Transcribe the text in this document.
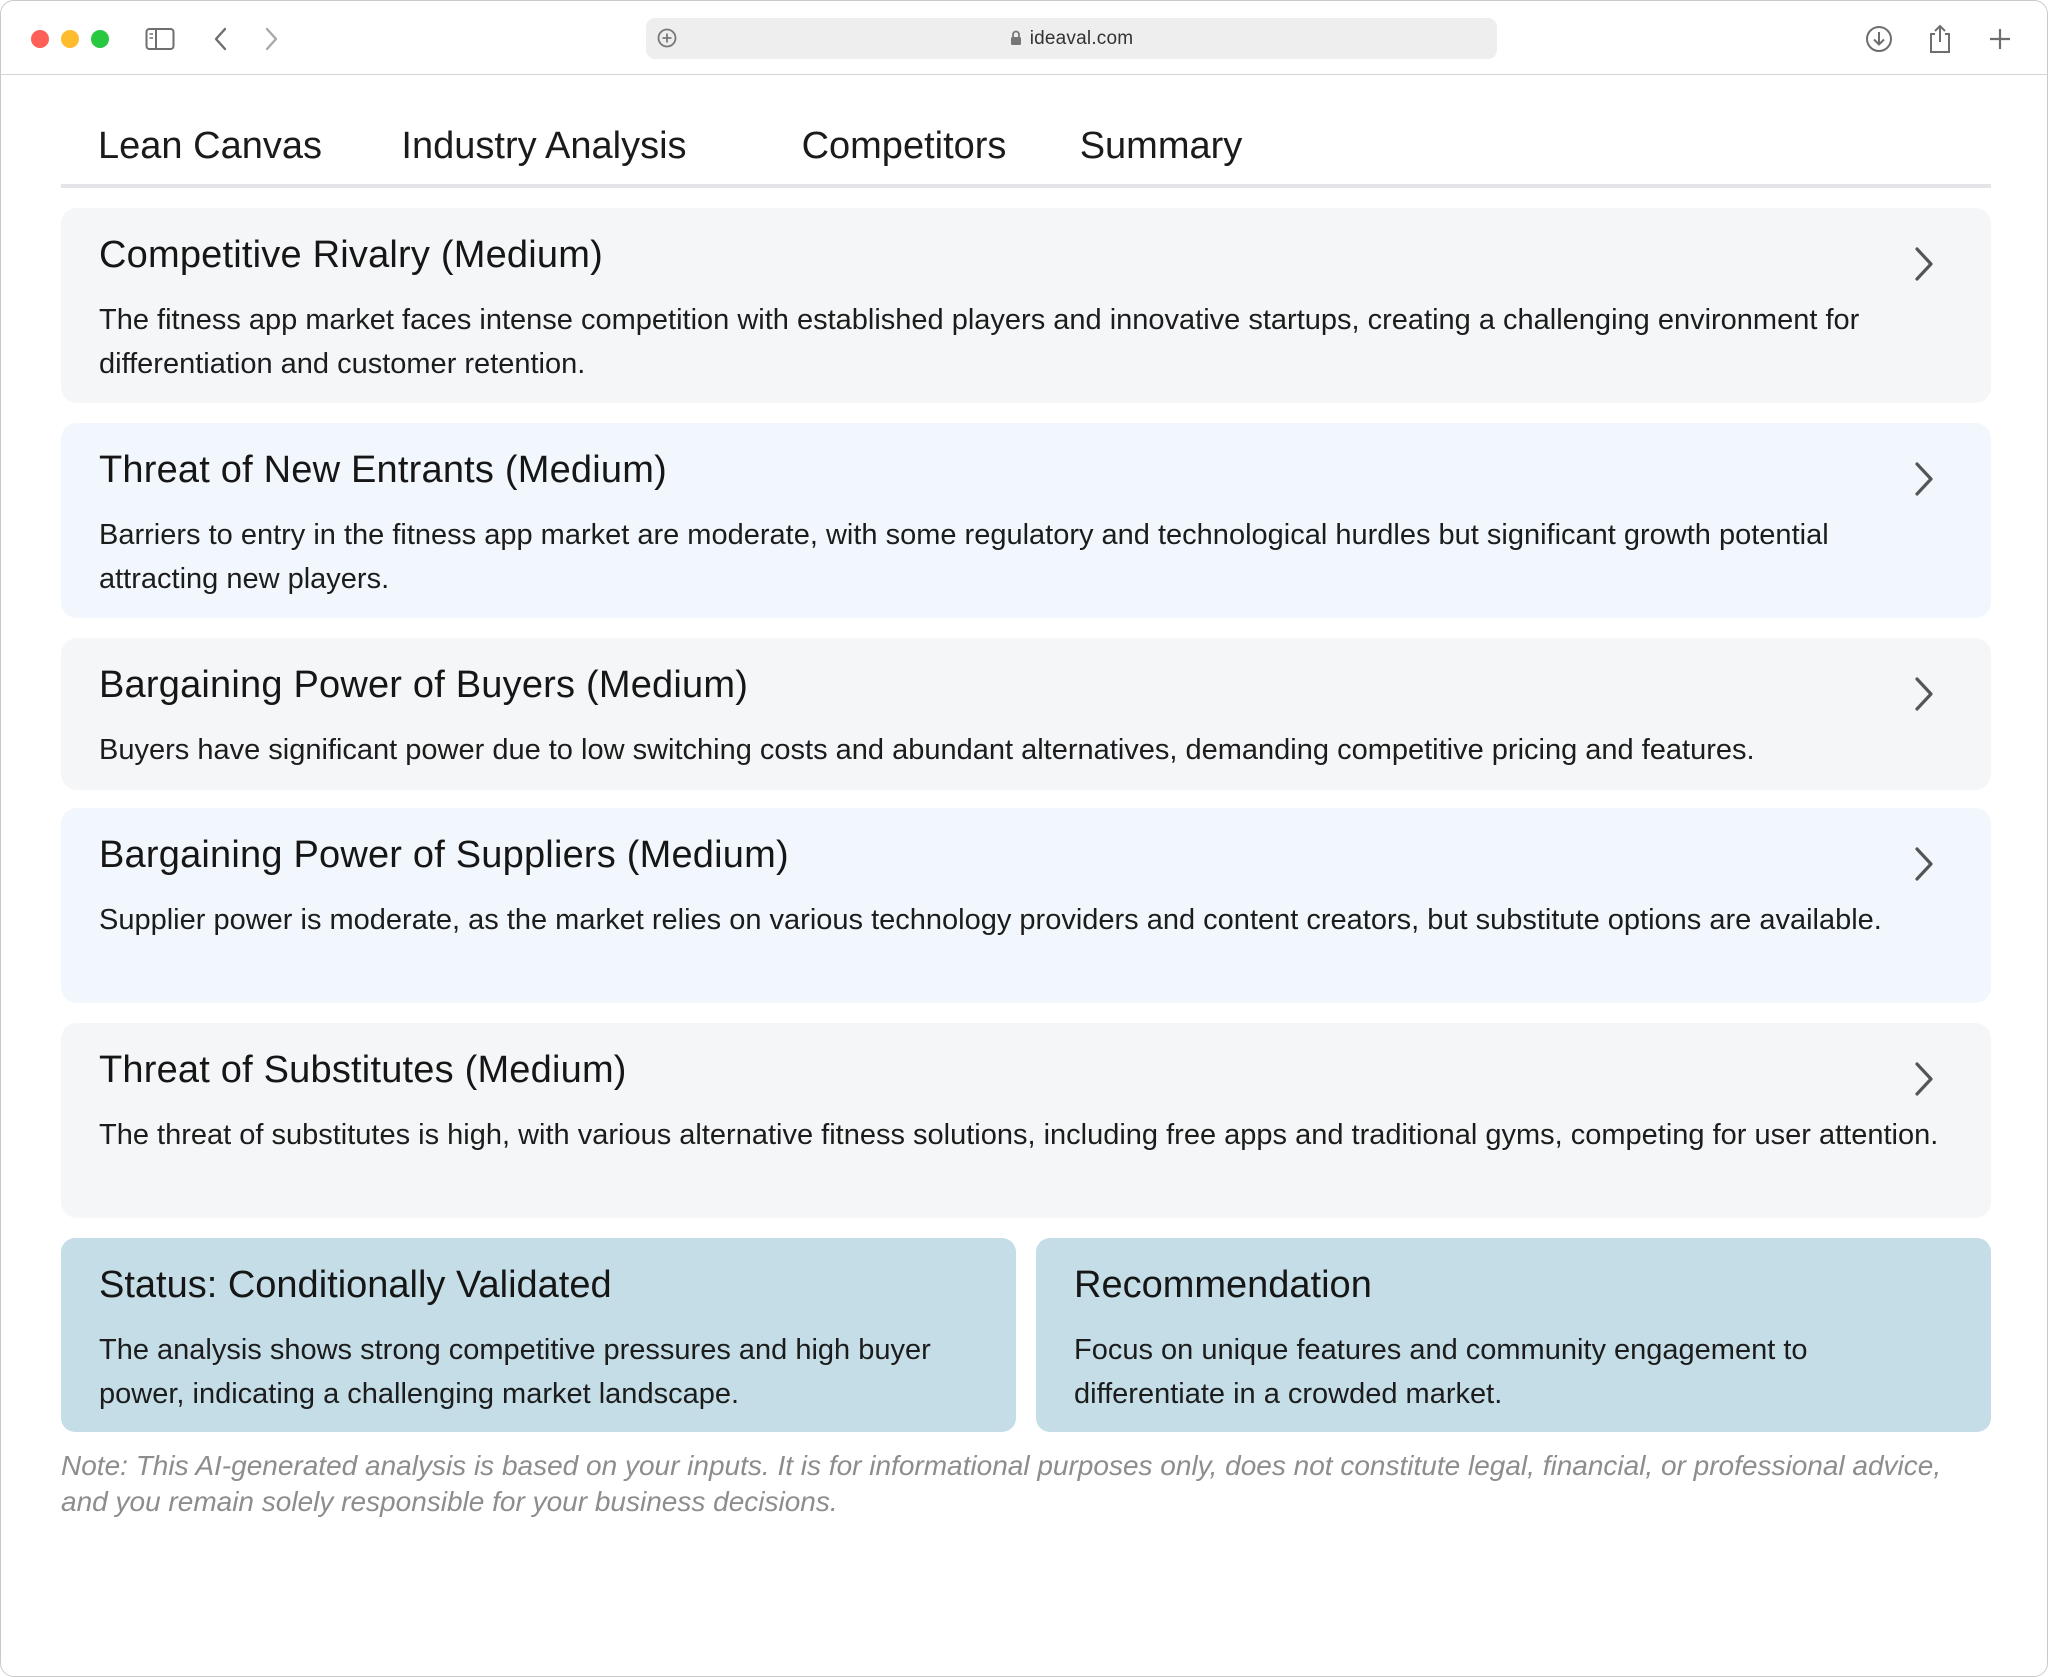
ideaval.com
Lean Canvas	Industry Analysis	Competitors	Summary
Competitive Rivalry (Medium)
The fitness app market faces intense competition with established players and innovative startups, creating a challenging environment for differentiation and customer retention.
Threat of New Entrants (Medium)
Barriers to entry in the fitness app market are moderate, with some regulatory and technological hurdles but significant growth potential attracting new players.
Bargaining Power of Buyers (Medium)
Buyers have significant power due to low switching costs and abundant alternatives, demanding competitive pricing and features.
Bargaining Power of Suppliers (Medium)
Supplier power is moderate, as the market relies on various technology providers and content creators, but substitute options are available.
Threat of Substitutes (Medium)
The threat of substitutes is high, with various alternative fitness solutions, including free apps and traditional gyms, competing for user attention.
Status: Conditionally Validated
The analysis shows strong competitive pressures and high buyer power, indicating a challenging market landscape.
Recommendation
Focus on unique features and community engagement to differentiate in a crowded market.
Note: This AI-generated analysis is based on your inputs. It is for informational purposes only, does not constitute legal, financial, or professional advice, and you remain solely responsible for your business decisions.
